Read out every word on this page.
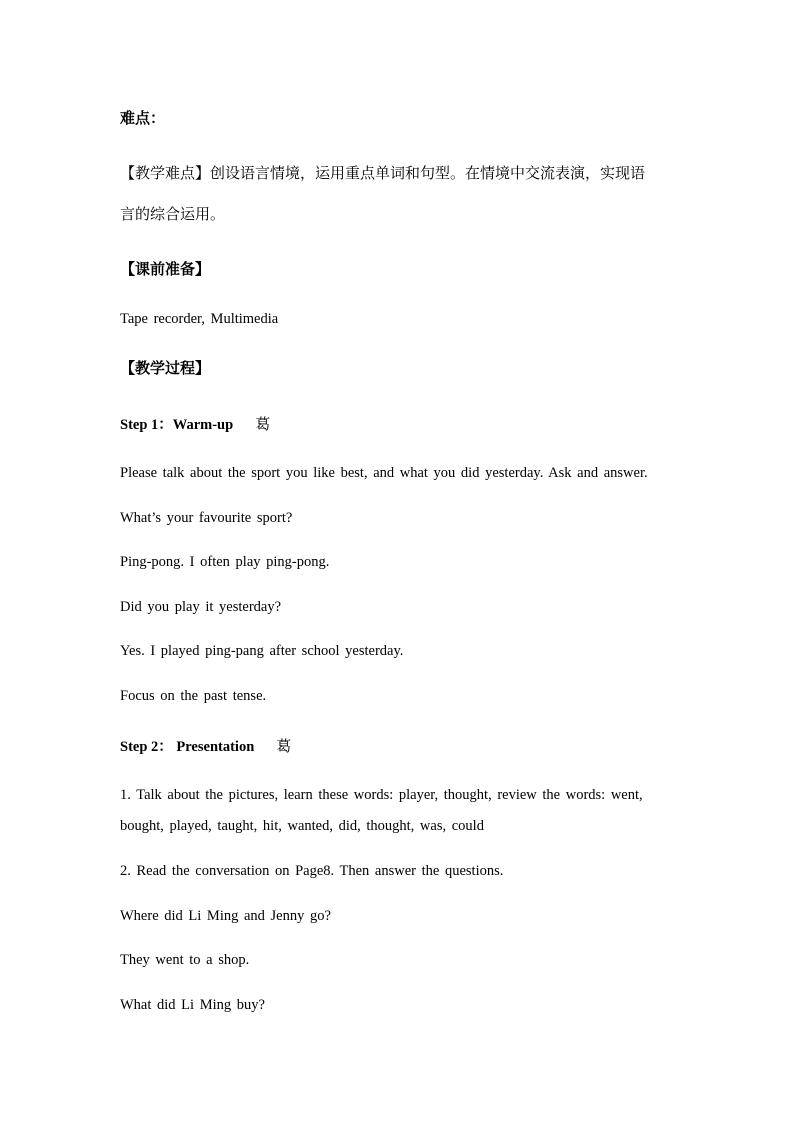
难点：
【教学难点】创设语言情境，运用重点单词和句型。在情境中交流表演，实现语
言的综合运用。
【课前准备】
Tape recorder, Multimedia
【教学过程】
Step 1：Warm-up 葛
Please talk about the sport you like best, and what you did yesterday. Ask and answer.
What’s your favourite sport?
Ping-pong. I often play ping-pong.
Did you play it yesterday?
Yes. I played ping-pang after school yesterday.
Focus on the past tense.
Step 2： Presentation 葛
1. Talk about the pictures, learn these words: player, thought, review the words: went,
bought, played, taught, hit, wanted, did, thought, was, could
2. Read the conversation on Page8. Then answer the questions.
Where did Li Ming and Jenny go?
They went to a shop.
What did Li Ming buy?
